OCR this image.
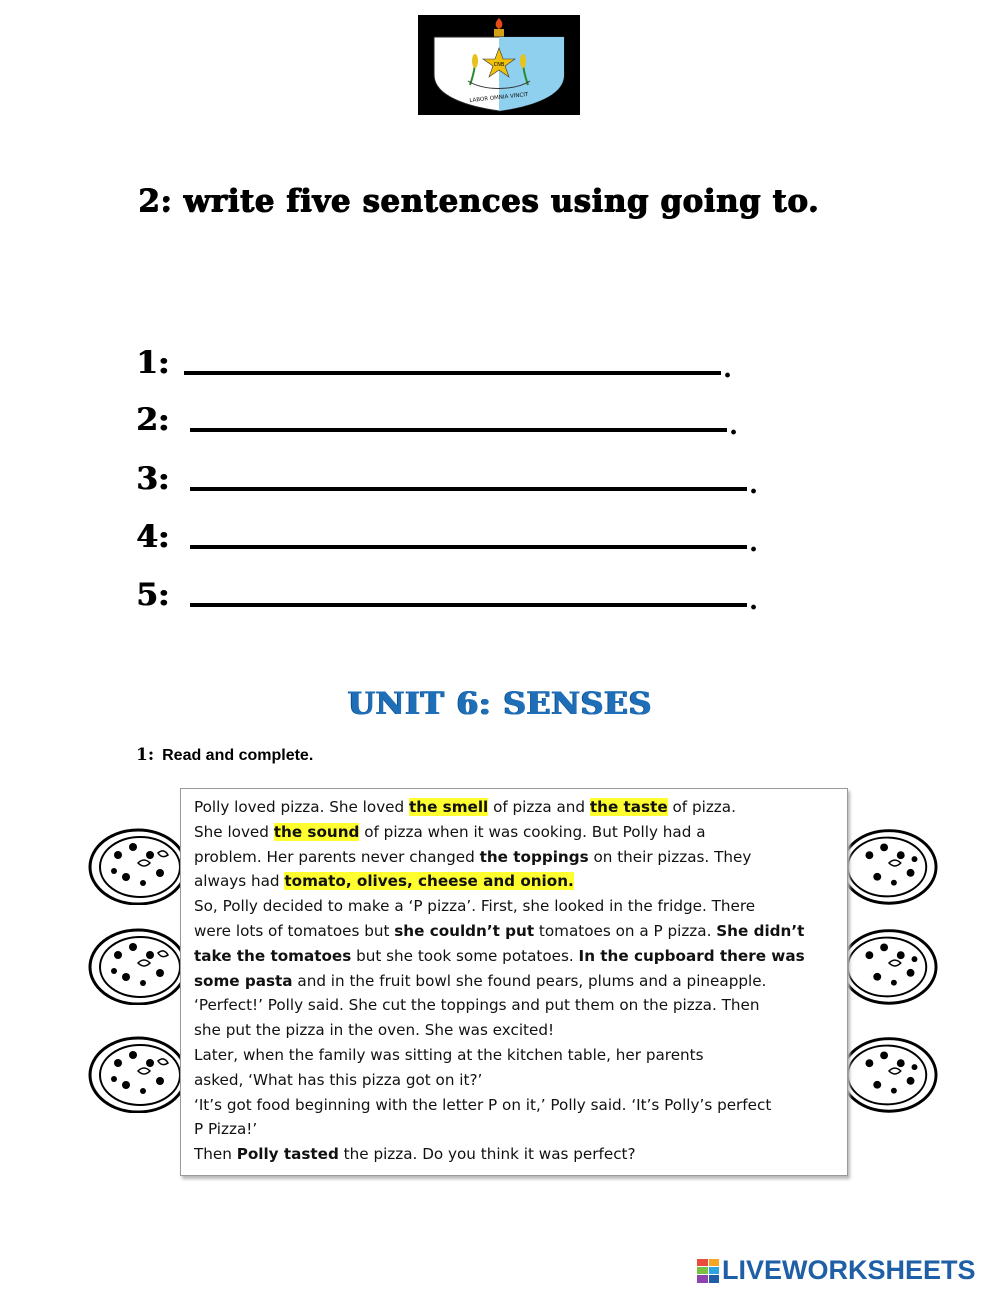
CNB
LABOR OMNIA VINCIT
2: write five sentences using going to.
1:	.
2:	.
3:	.
4:	.
5:	.
UNIT 6: SENSES
1: Read and complete.

Polly loved pizza. She loved the smell of pizza and the taste of pizza.

She loved the sound of pizza when it was cooking. But Polly had a

problem. Her parents never changed the toppings on their pizzas. They

always had tomato, olives, cheese and onion.

So, Polly decided to make a ‘P pizza’. First, she looked in the fridge. There

were lots of tomatoes but she couldn’t put tomatoes on a P pizza. She didn’t

take the tomatoes but she took some potatoes. In the cupboard there was

some pasta and in the fruit bowl she found pears, plums and a pineapple.

‘Perfect!’ Polly said. She cut the toppings and put them on the pizza. Then

she put the pizza in the oven. She was excited!

Later, when the family was sitting at the kitchen table, her parents

asked, ‘What has this pizza got on it?’

‘It’s got food beginning with the letter P on it,’ Polly said. ‘It’s Polly’s perfect

P Pizza!’

Then Polly tasted the pizza. Do you think it was perfect?

LIVEWORKSHEETS
